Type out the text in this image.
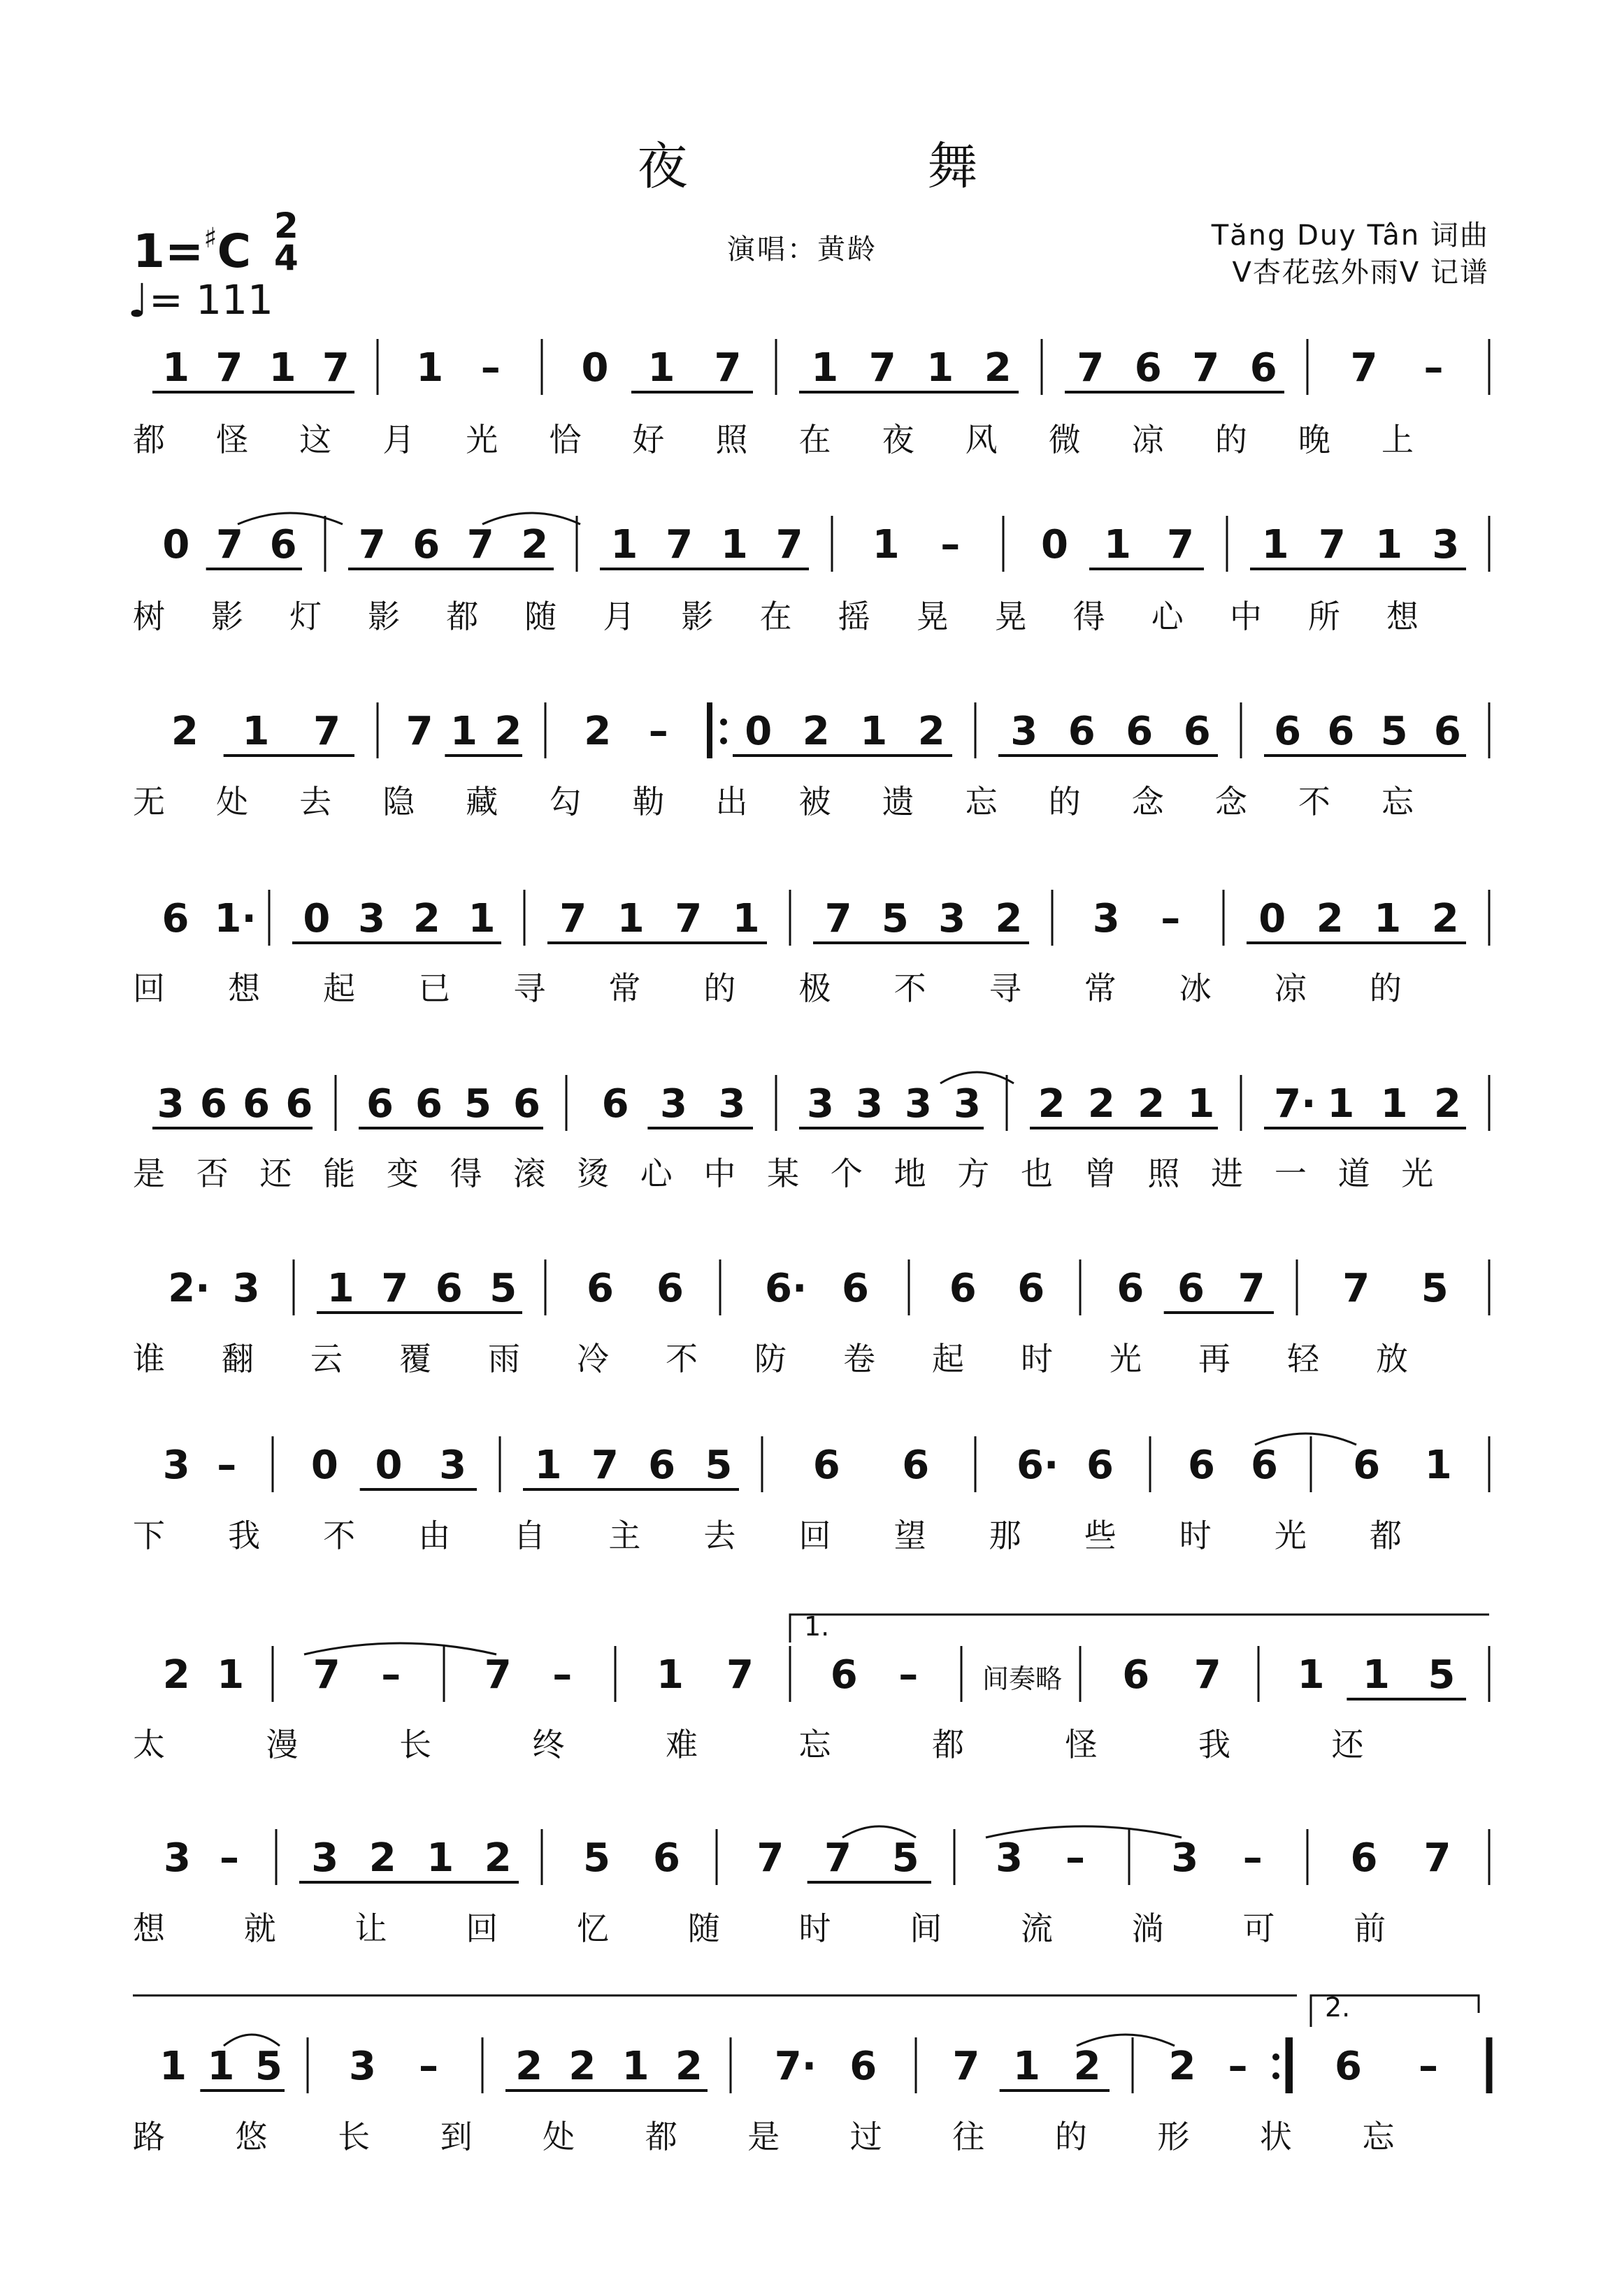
夜 舞
1=♯C 2
4
♩= 111
演唱：黄龄	Tăng Duy Tân 词曲
V杏花弦外雨V 记谱
1 7 1 7 1 – 0 1 7 1 7 1 2 7 6 7 6 7 –
都 怪 这 月 光 恰 好 照 在 夜 风 微 凉 的 晚 上
0 7 6 7 6 7 2 1 7 1 7 1 – 0 1 7 1 7 1 3
树 影 灯 影 都 随 月 影 在 摇 晃 晃 得 心 中 所 想
2 1 7 7 1 2 2 – 0 2 1 2 3 6 6 6 6 6 5 6
无 处 去 隐 藏 勾 勒 出 被 遗 忘 的 念 念 不 忘
6 1· 0 3 2 1 7 1 7 1 7 5 3 2 3 – 0 2 1 2
回 想 起 已 寻 常 的 极 不 寻 常 冰 凉 的
3 6 6 6 6 6 5 6 6 3 3 3 3 3 3 2 2 2 1 7· 1 1 2
是 否 还 能 变 得 滚 烫 心 中 某 个 地 方 也 曾 照 进 一 道 光
2· 3 1 7 6 5 6 6 6· 6 6 6 6 6 7 7 5
谁 翻 云 覆 雨 冷 不 防 卷 起 时 光 再 轻 放
3 – 0 0 3 1 7 6 5 6 6 6· 6 6 6 6 1
下 我 不 由 自 主 去 回 望 那 些 时 光 都
2 1 7 – 7 – 1 7 6 – 间奏略 6 7 1 1 5
太	漫	长	终	难	忘	都	怪	我	还
3 – 3 2 1 2 5 6 7 7 5 3 – 3 – 6 7
想 就 让 回 忆 随 时 间 流 淌 可 前
1 1 5 3 – 2 2 1 2 7· 6 7 1 2 2 – 6 –
路 悠 长 到 处 都 是 过 往 的 形 状 忘
1.
2.
